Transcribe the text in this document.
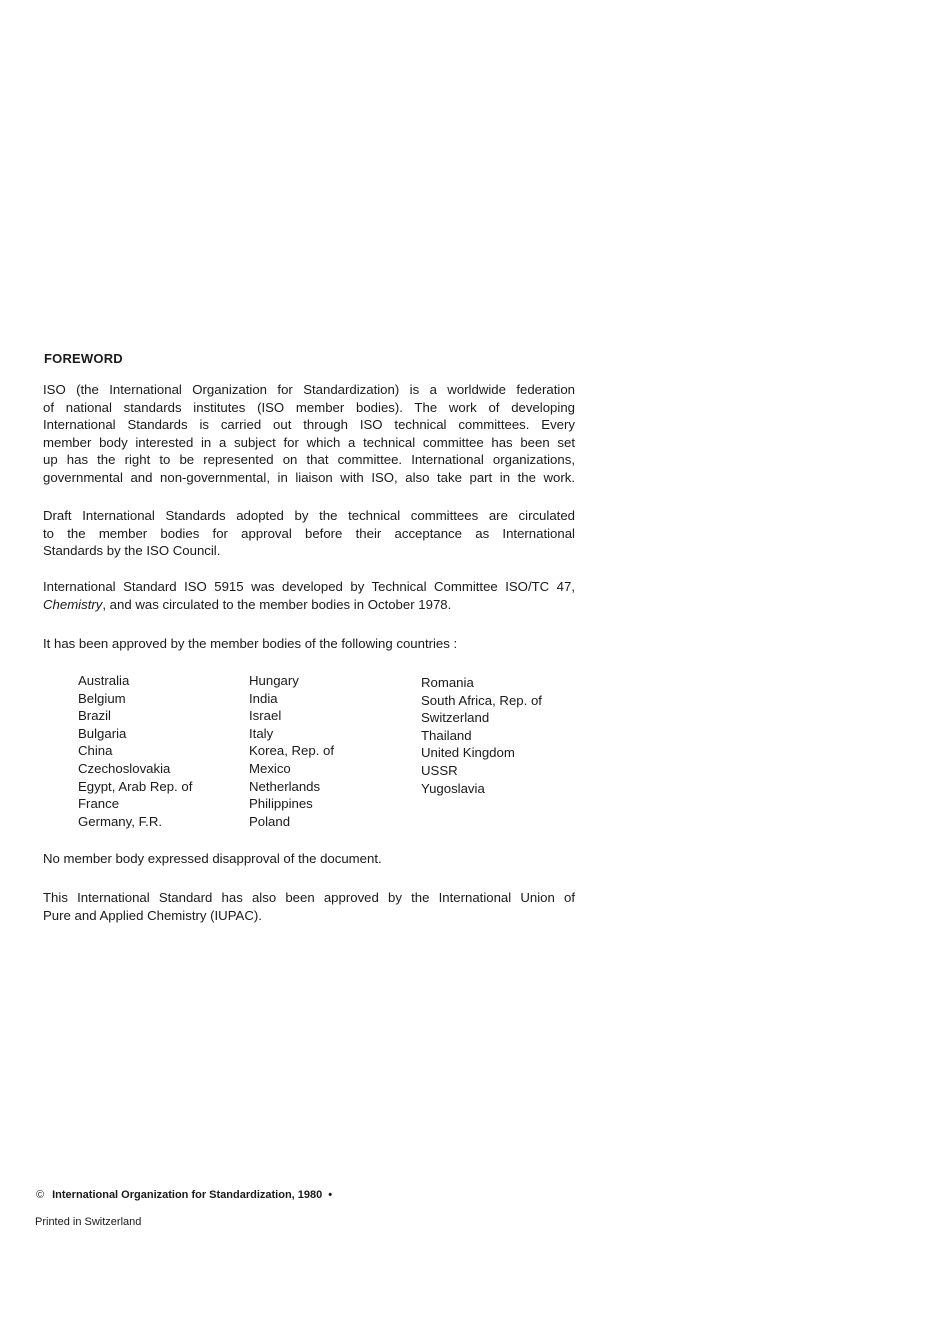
FOREWORD
ISO (the International Organization for Standardization) is a worldwide federation
of national standards institutes (ISO member bodies). The work of developing
International Standards is carried out through ISO technical committees. Every
member body interested in a subject for which a technical committee has been set
up has the right to be represented on that committee. International organizations,
governmental and non-governmental, in liaison with ISO, also take part in the work.
Draft International Standards adopted by the technical committees are circulated
to the member bodies for approval before their acceptance as International
Standards by the ISO Council.
International Standard ISO 5915 was developed by Technical Committee ISO/TC 47,
Chemistry, and was circulated to the member bodies in October 1978.
It has been approved by the member bodies of the following countries :
Australia
Belgium
Brazil
Bulgaria
China
Czechoslovakia
Egypt, Arab Rep. of
France
Germany, F.R.
Hungary
India
Israel
Italy
Korea, Rep. of
Mexico
Netherlands
Philippines
Poland
Romania
South Africa, Rep. of
Switzerland
Thailand
United Kingdom
USSR
Yugoslavia
No member body expressed disapproval of the document.
This International Standard has also been approved by the International Union of
Pure and Applied Chemistry (IUPAC).
© International Organization for Standardization, 1980 •
Printed in Switzerland
